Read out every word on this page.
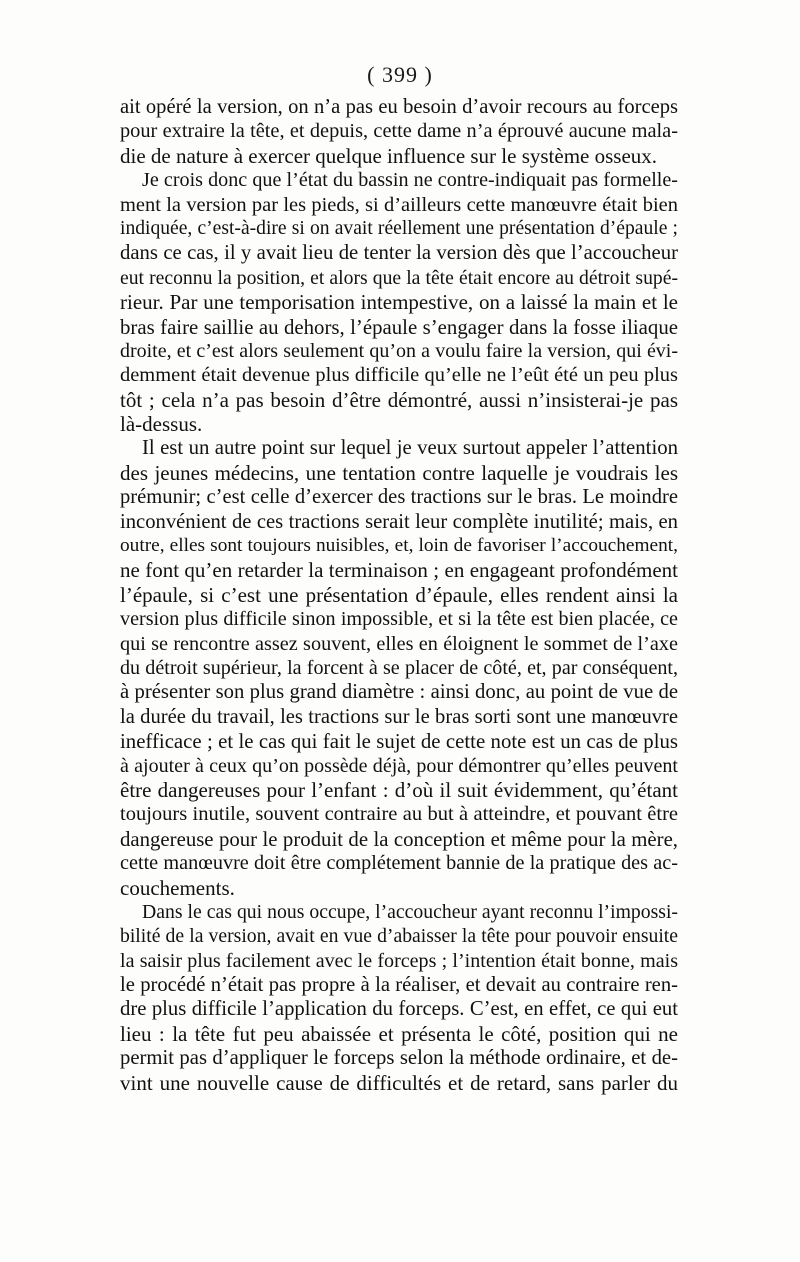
( 399 )
ait opéré la version, on n’a pas eu besoin d’avoir recours au forceps
pour extraire la tête, et depuis, cette dame n’a éprouvé aucune mala-
die de nature à exercer quelque influence sur le système osseux.
Je crois donc que l’état du bassin ne contre-indiquait pas formelle-
ment la version par les pieds, si d’ailleurs cette manœuvre était bien
indiquée, c’est-à-dire si on avait réellement une présentation d’épaule ;
dans ce cas, il y avait lieu de tenter la version dès que l’accoucheur
eut reconnu la position, et alors que la tête était encore au détroit supé-
rieur. Par une temporisation intempestive, on a laissé la main et le
bras faire saillie au dehors, l’épaule s’engager dans la fosse iliaque
droite, et c’est alors seulement qu’on a voulu faire la version, qui évi-
demment était devenue plus difficile qu’elle ne l’eût été un peu plus
tôt ; cela n’a pas besoin d’être démontré, aussi n’insisterai-je pas
là-dessus.
Il est un autre point sur lequel je veux surtout appeler l’attention
des jeunes médecins, une tentation contre laquelle je voudrais les
prémunir; c’est celle d’exercer des tractions sur le bras. Le moindre
inconvénient de ces tractions serait leur complète inutilité; mais, en
outre, elles sont toujours nuisibles, et, loin de favoriser l’accouchement,
ne font qu’en retarder la terminaison ; en engageant profondément
l’épaule, si c’est une présentation d’épaule, elles rendent ainsi la
version plus difficile sinon impossible, et si la tête est bien placée, ce
qui se rencontre assez souvent, elles en éloignent le sommet de l’axe
du détroit supérieur, la forcent à se placer de côté, et, par conséquent,
à présenter son plus grand diamètre : ainsi donc, au point de vue de
la durée du travail, les tractions sur le bras sorti sont une manœuvre
inefficace ; et le cas qui fait le sujet de cette note est un cas de plus
à ajouter à ceux qu’on possède déjà, pour démontrer qu’elles peuvent
être dangereuses pour l’enfant : d’où il suit évidemment, qu’étant
toujours inutile, souvent contraire au but à atteindre, et pouvant être
dangereuse pour le produit de la conception et même pour la mère,
cette manœuvre doit être complétement bannie de la pratique des ac-
couchements.
Dans le cas qui nous occupe, l’accoucheur ayant reconnu l’impossi-
bilité de la version, avait en vue d’abaisser la tête pour pouvoir ensuite
la saisir plus facilement avec le forceps ; l’intention était bonne, mais
le procédé n’était pas propre à la réaliser, et devait au contraire ren-
dre plus difficile l’application du forceps. C’est, en effet, ce qui eut
lieu : la tête fut peu abaissée et présenta le côté, position qui ne
permit pas d’appliquer le forceps selon la méthode ordinaire, et de-
vint une nouvelle cause de difficultés et de retard, sans parler du
